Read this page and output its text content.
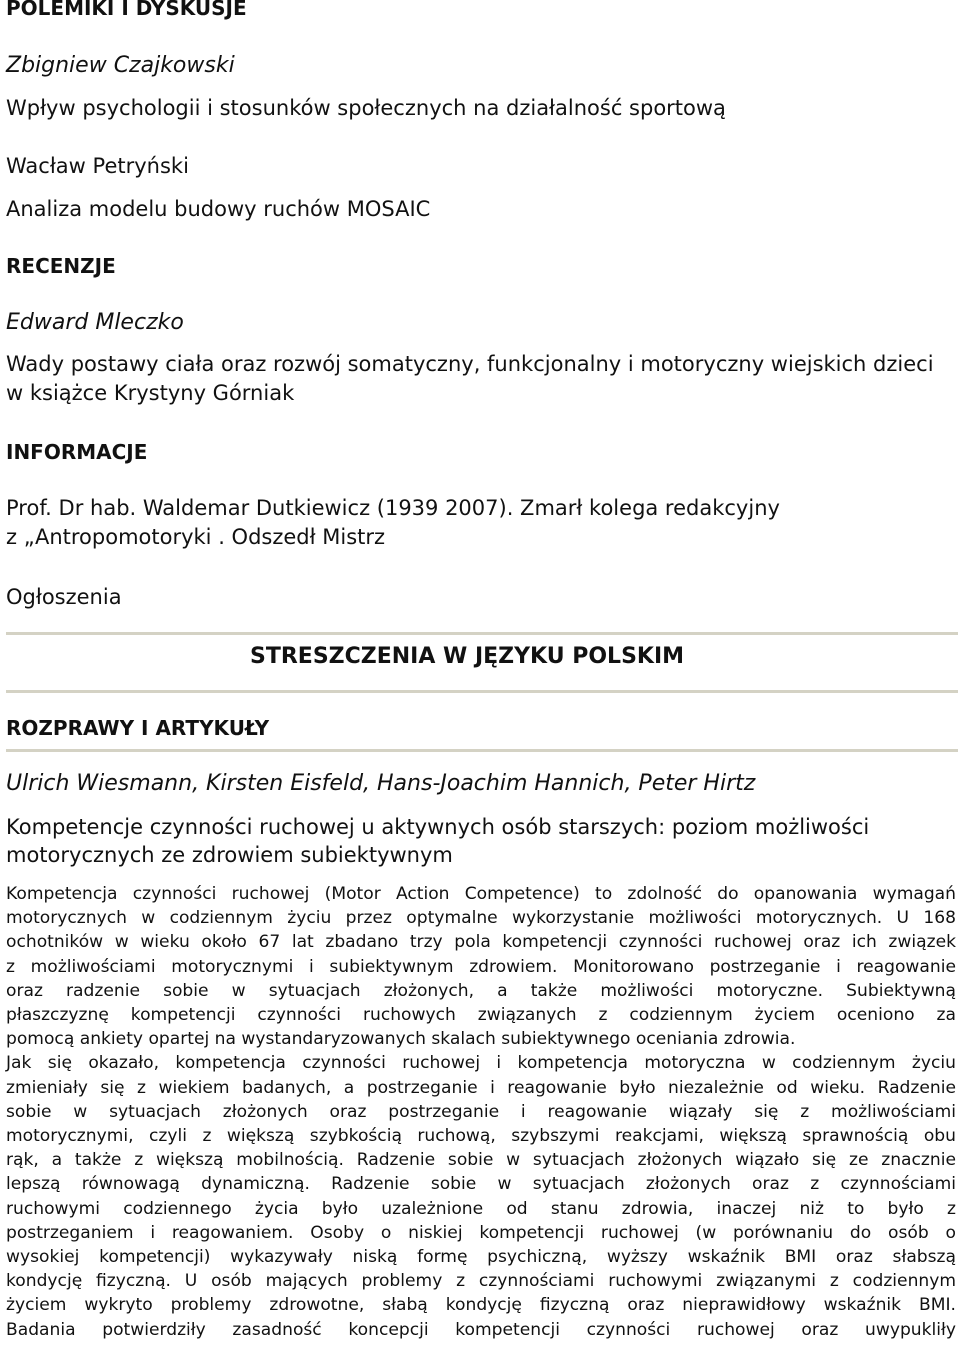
POLEMIKI I DYSKUSJE
Zbigniew Czajkowski
Wpływ psychologii i stosunków społecznych na działalność sportową
Wacław Petryński
Analiza modelu budowy ruchów MOSAIC
RECENZJE
Edward Mleczko
Wady postawy ciała oraz rozwój somatyczny, funkcjonalny i motoryczny wiejskich dzieci
w książce Krystyny Górniak
INFORMACJE
Prof. Dr hab. Waldemar Dutkiewicz (1939 2007). Zmarł kolega redakcyjny
z „Antropomotoryki . Odszedł Mistrz
Ogłoszenia
STRESZCZENIA W JĘZYKU POLSKIM
ROZPRAWY I ARTYKUŁY
Ulrich Wiesmann, Kirsten Eisfeld, Hans-Joachim Hannich, Peter Hirtz
Kompetencje czynności ruchowej u aktywnych osób starszych: poziom możliwości
motorycznych ze zdrowiem subiektywnym
Kompetencja czynności ruchowej (Motor Action Competence) to zdolność do opanowania wymagań
motorycznych w codziennym życiu przez optymalne wykorzystanie możliwości motorycznych. U 168
ochotników w wieku około 67 lat zbadano trzy pola kompetencji czynności ruchowej oraz ich związek
z możliwościami motorycznymi i subiektywnym zdrowiem. Monitorowano postrzeganie i reagowanie
oraz radzenie sobie w sytuacjach złożonych, a także możliwości motoryczne. Subiektywną
płaszczyznę kompetencji czynności ruchowych związanych z codziennym życiem oceniono za
pomocą ankiety opartej na wystandaryzowanych skalach subiektywnego oceniania zdrowia.
Jak się okazało, kompetencja czynności ruchowej i kompetencja motoryczna w codziennym życiu
zmieniały się z wiekiem badanych, a postrzeganie i reagowanie było niezależnie od wieku. Radzenie
sobie w sytuacjach złożonych oraz postrzeganie i reagowanie wiązały się z możliwościami
motorycznymi, czyli z większą szybkością ruchową, szybszymi reakcjami, większą sprawnością obu
rąk, a także z większą mobilnością. Radzenie sobie w sytuacjach złożonych wiązało się ze znacznie
lepszą równowagą dynamiczną. Radzenie sobie w sytuacjach złożonych oraz z czynnościami
ruchowymi codziennego życia było uzależnione od stanu zdrowia, inaczej niż to było z
postrzeganiem i reagowaniem. Osoby o niskiej kompetencji ruchowej (w porównaniu do osób o
wysokiej kompetencji) wykazywały niską formę psychiczną, wyższy wskaźnik BMI oraz słabszą
kondycję fizyczną. U osób mających problemy z czynnościami ruchowymi związanymi z codziennym
życiem wykryto problemy zdrowotne, słabą kondycję fizyczną oraz nieprawidłowy wskaźnik BMI.
Badania potwierdziły zasadność koncepcji kompetencji czynności ruchowej oraz uwypukliły
